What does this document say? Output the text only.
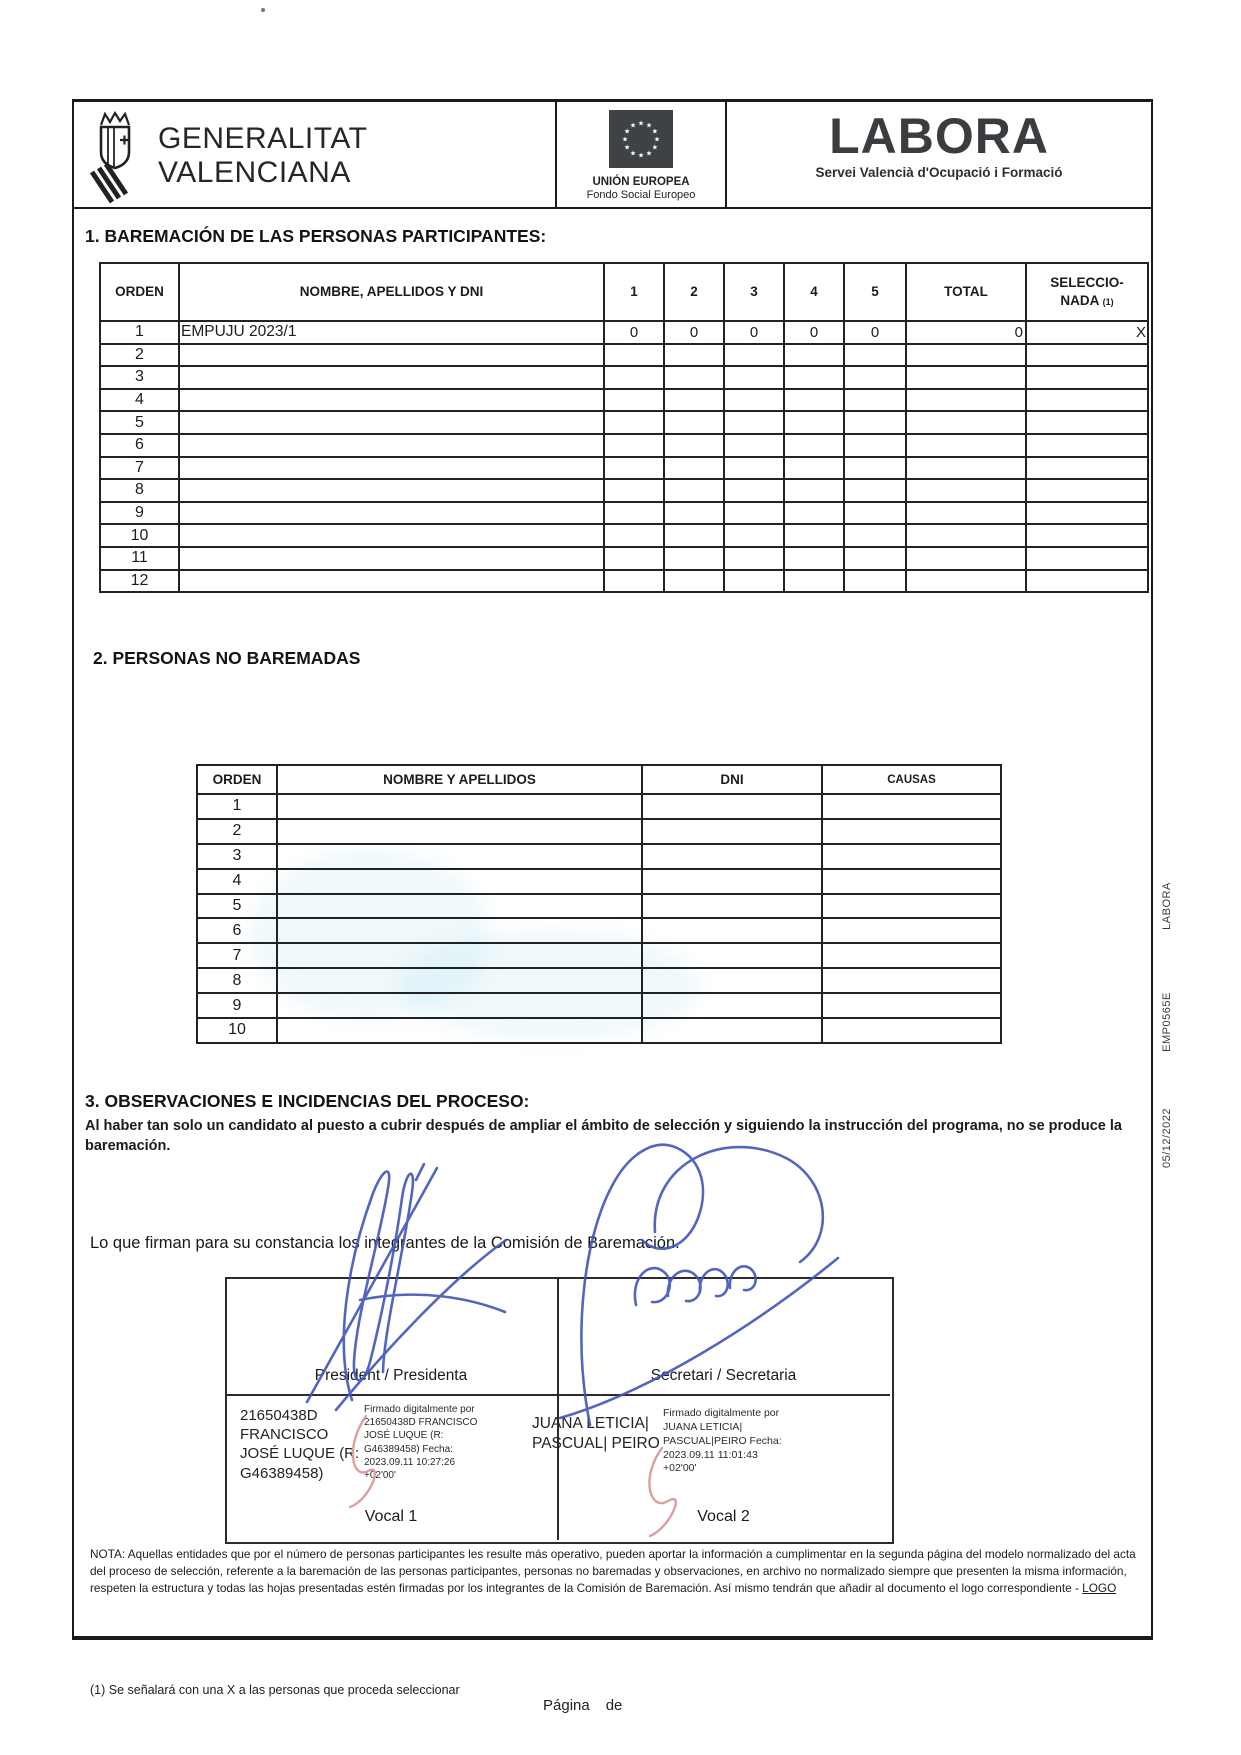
GENERALITAT
VALENCIANA
★ ★
★
★
★
★
★
★
★
★
★
★
UNIÓN EUROPEA
Fondo Social Europeo
LABORA
Servei Valencià d'Ocupació i Formació
1. BAREMACIÓN DE LAS PERSONAS PARTICIPANTES:
ORDEN	NOMBRE, APELLIDOS Y DNI	1	2	3	4	5	TOTAL	SELECCIO-
NADA (1)
1	EMPUJU 2023/1	0	0	0	0	0	0	X
2								
3								
4								
5								
6								
7								
8								
9								
10								
11								
12								
2. PERSONAS NO BAREMADAS
ORDEN	NOMBRE Y APELLIDOS	DNI	CAUSAS
1			
2			
3			
4			
5			
6			
7			
8			
9			
10			
3. OBSERVACIONES E INCIDENCIAS DEL PROCESO:
Al haber tan solo un candidato al puesto a cubrir después de ampliar el ámbito de selección y siguiendo la instrucción del programa, no se produce la baremación.
Lo que firman para su constancia los integrantes de la Comisión de Baremación.
President / Presidenta	Secretari / Secretaria
21650438D FRANCISCO JOSÉ LUQUE (R: G46389458)
Firmado digitalmente por 21650438D FRANCISCO JOSÉ LUQUE (R: G46389458) Fecha: 2023.09.11 10:27:26 +02'00'
Vocal 1
JUANA LETICIA| PASCUAL| PEIRO
Firmado digitalmente por JUANA LETICIA| PASCUAL|PEIRO Fecha: 2023.09.11 11:01:43 +02'00'
Vocal 2
NOTA: Aquellas entidades que por el número de personas participantes les resulte más operativo, pueden aportar la información a cumplimentar en la segunda página del modelo normalizado del acta del proceso de selección, referente a la baremación de las personas participantes, personas no baremadas y observaciones, en archivo no normalizado siempre que presenten la misma información, respeten la estructura y todas las hojas presentadas estén firmadas por los integrantes de la Comisión de Baremación. Así mismo tendrán que añadir al documento el logo correspondiente - LOGO
(1) Se señalará con una X a las personas que proceda seleccionar
Página de
LABORA
EMP0565E
05/12/2022
